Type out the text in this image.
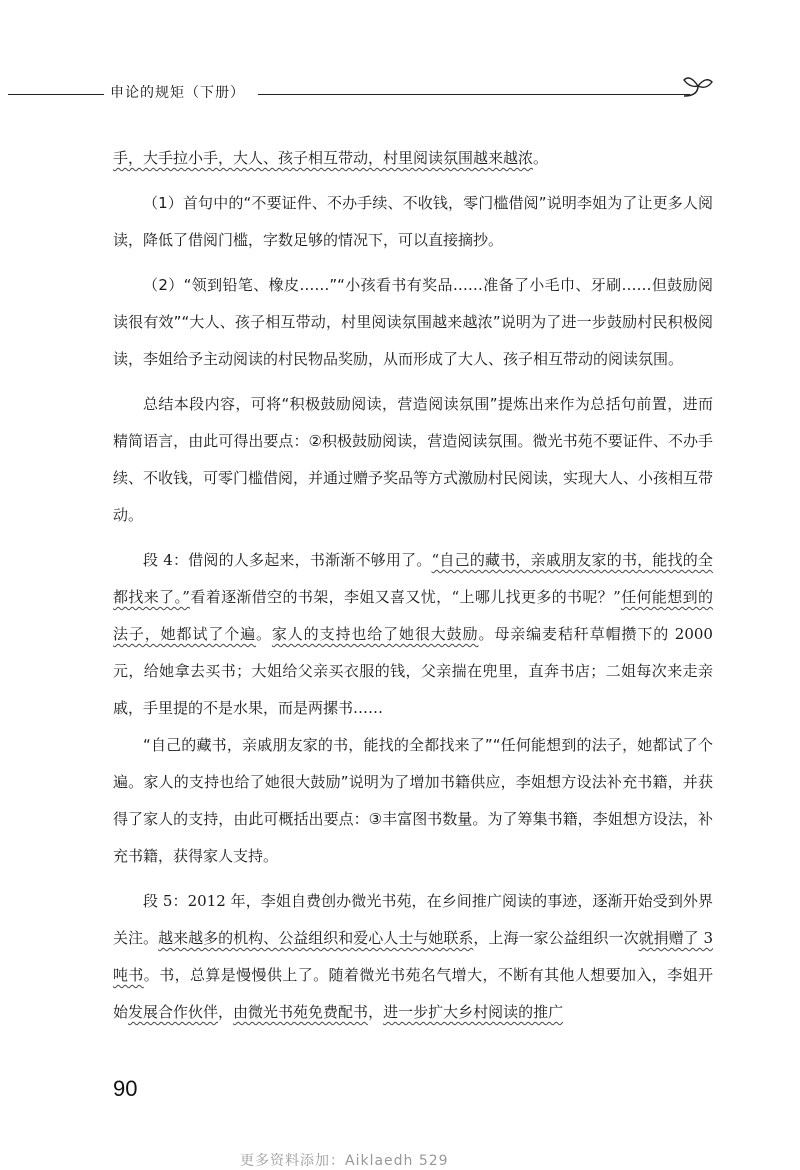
申论的规矩（下册）

手，大手拉小手，大人、孩子相互带动，村里阅读氛围越来越浓。

（1）首句中的“不要证件、不办手续、不收钱，零门槛借阅”说明李姐为了让更多人阅读，降低了借阅门槛，字数足够的情况下，可以直接摘抄。

（2）“领到铅笔、橡皮……”“小孩看书有奖品……准备了小毛巾、牙刷……但鼓励阅读很有效”“大人、孩子相互带动，村里阅读氛围越来越浓”说明为了进一步鼓励村民积极阅读，李姐给予主动阅读的村民物品奖励，从而形成了大人、孩子相互带动的阅读氛围。

总结本段内容，可将“积极鼓励阅读，营造阅读氛围”提炼出来作为总括句前置，进而精简语言，由此可得出要点：②积极鼓励阅读，营造阅读氛围。微光书苑不要证件、不办手续、不收钱，可零门槛借阅，并通过赠予奖品等方式激励村民阅读，实现大人、小孩相互带动。

段 4：借阅的人多起来，书渐渐不够用了。“自己的藏书，亲戚朋友家的书，能找的全都找来了。”看着逐渐借空的书架，李姐又喜又忧，“上哪儿找更多的书呢？”任何能想到的法子，她都试了个遍。家人的支持也给了她很大鼓励。母亲编麦秸秆草帽攒下的 2000 元，给她拿去买书；大姐给父亲买衣服的钱，父亲揣在兜里，直奔书店；二姐每次来走亲戚，手里提的不是水果，而是两摞书……

“自己的藏书，亲戚朋友家的书，能找的全都找来了”“任何能想到的法子，她都试了个遍。家人的支持也给了她很大鼓励”说明为了增加书籍供应，李姐想方设法补充书籍，并获得了家人的支持，由此可概括出要点：③丰富图书数量。为了筹集书籍，李姐想方设法，补充书籍，获得家人支持。

段 5：2012 年，李姐自费创办微光书苑，在乡间推广阅读的事迹，逐渐开始受到外界关注。越来越多的机构、公益组织和爱心人士与她联系，上海一家公益组织一次就捐赠了 3 吨书。书，总算是慢慢供上了。随着微光书苑名气增大，不断有其他人想要加入，李姐开始发展合作伙伴，由微光书苑免费配书，进一步扩大乡村阅读的推广

90
更多资料添加：Aiklaedh 529
